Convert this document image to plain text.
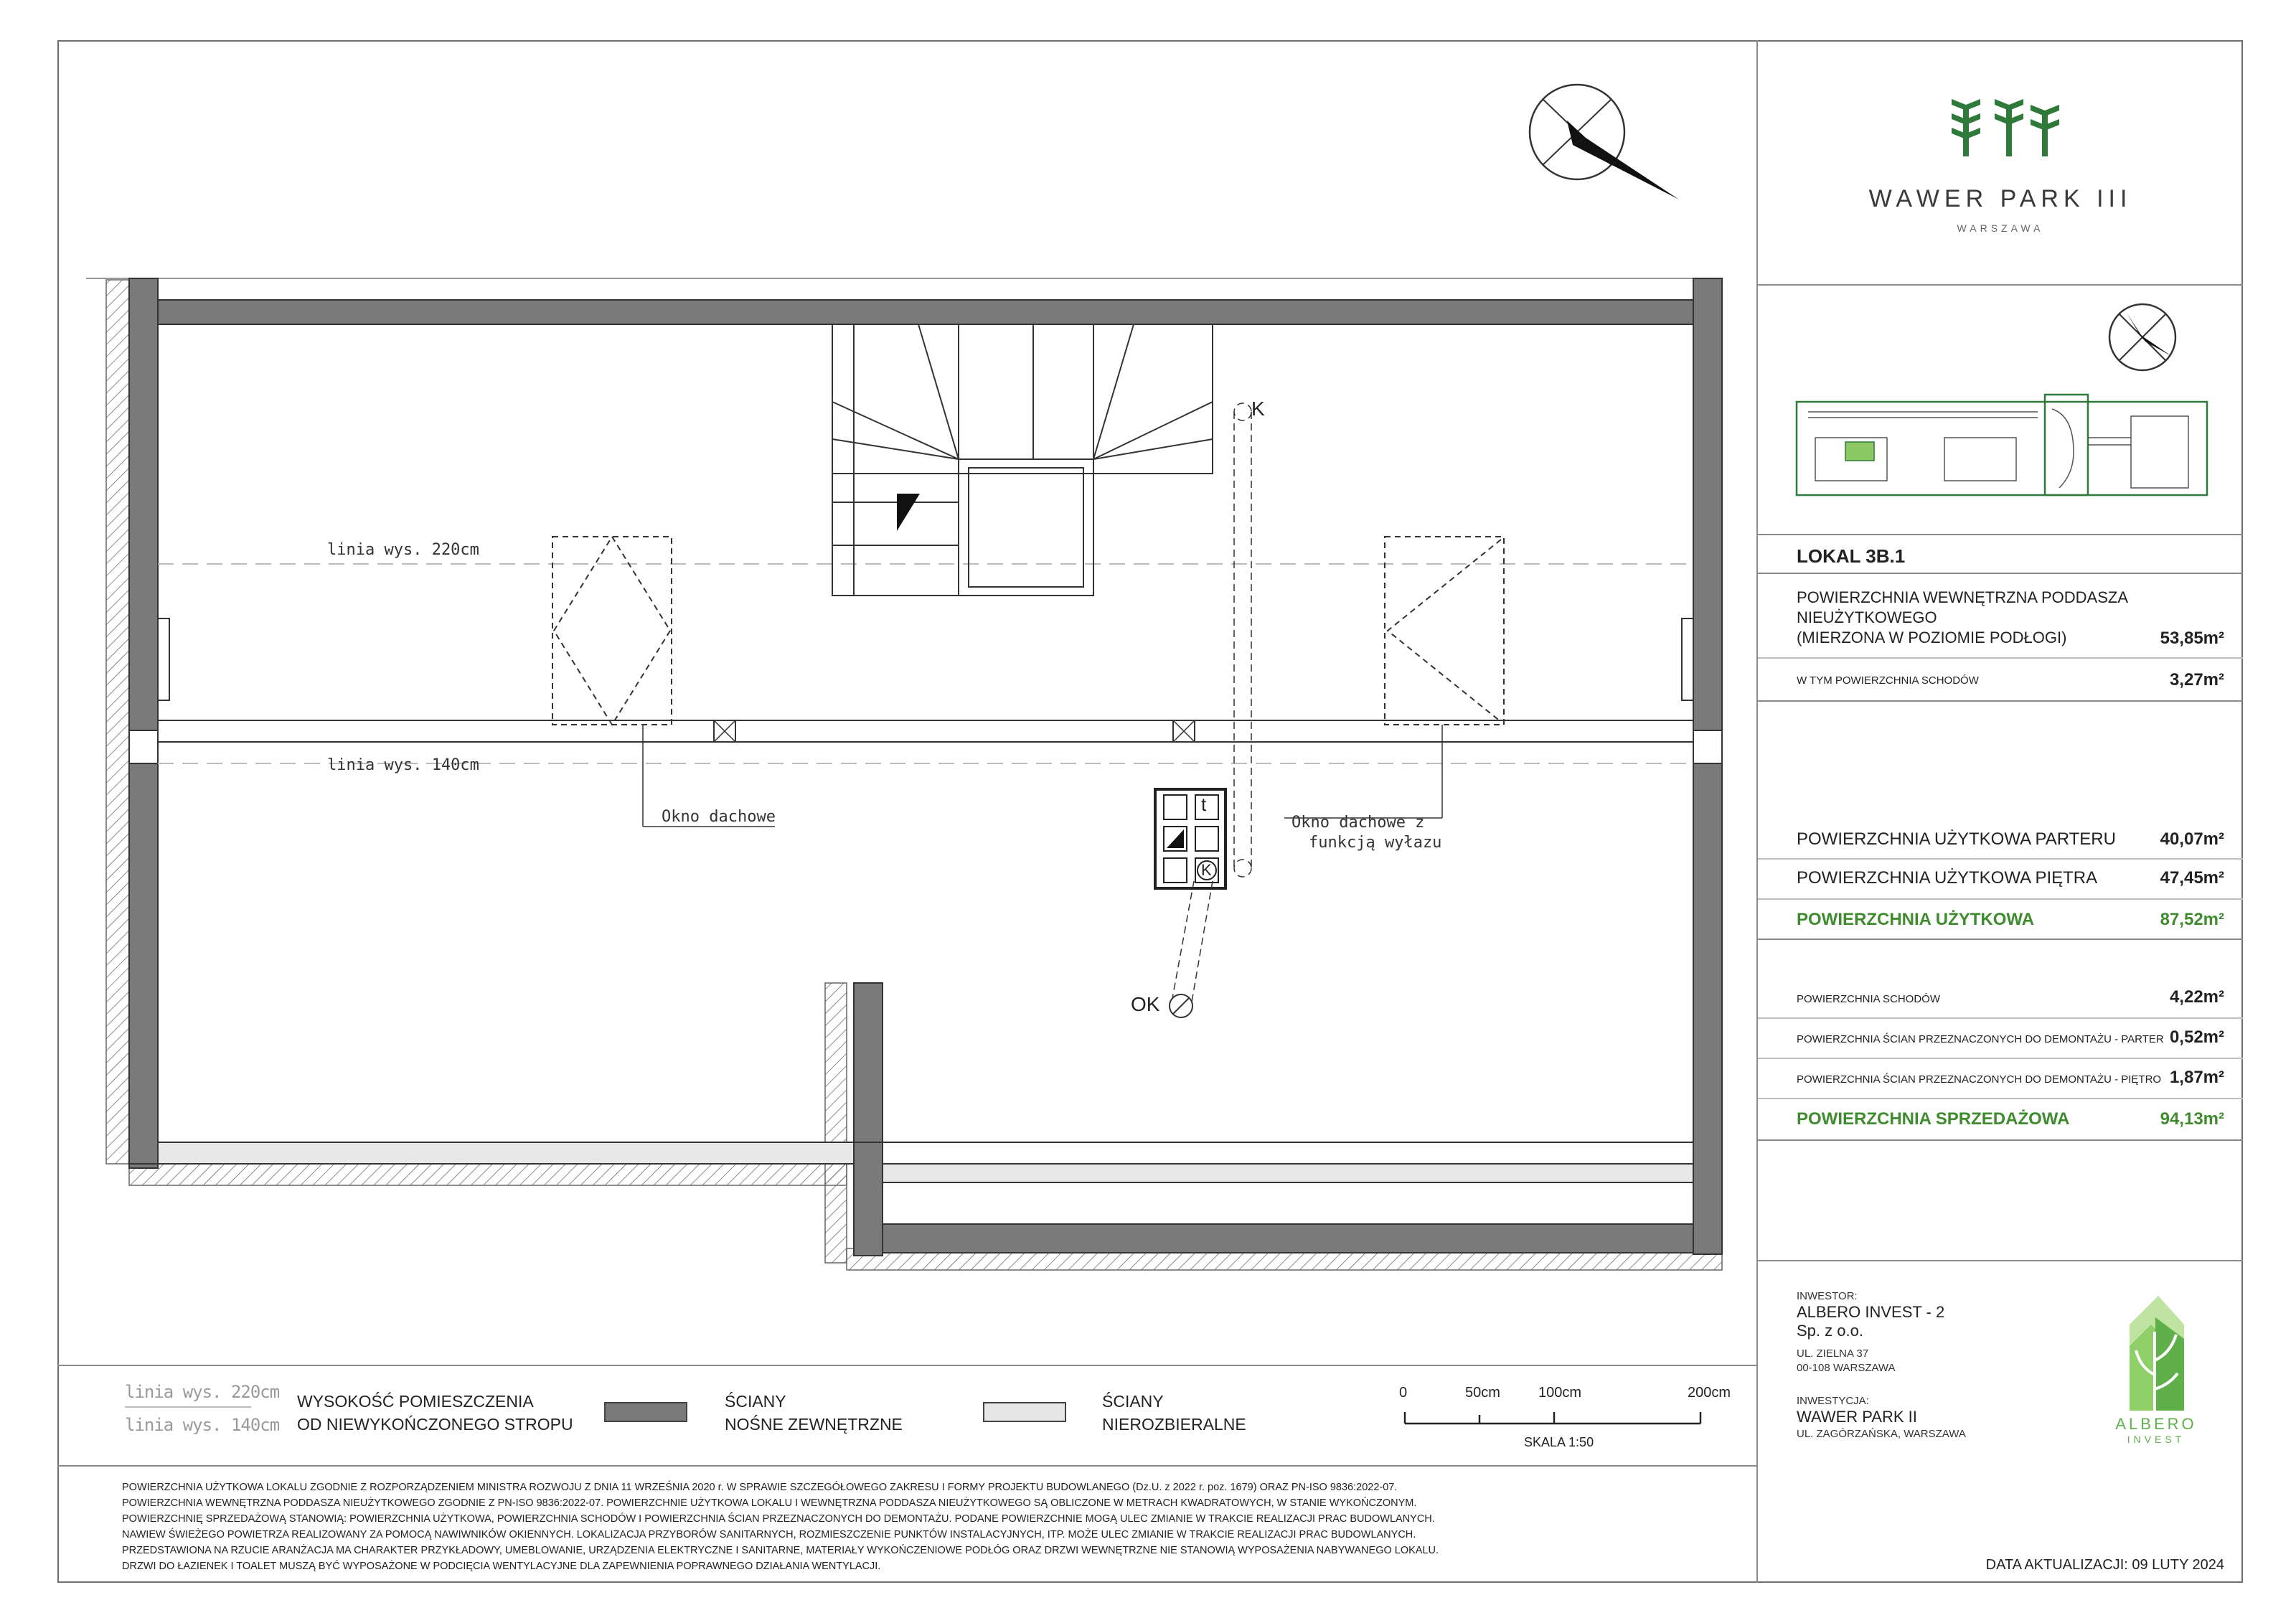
linia wys. 220cm
linia wys. 140cm
Okno dachowe	Okno dachowe z
funkcją wyłazu
K
OK
t
K
WAWER PARK III
WARSZAWA
LOKAL 3B.1
POWIERZCHNIA WEWNĘTRZNA PODDASZA
NIEUŻYTKOWEGO
(MIERZONA W POZIOMIE PODŁOGI)	53,85m²
W TYM POWIERZCHNIA SCHODÓW	3,27m²
POWIERZCHNIA UŻYTKOWA PARTERU	40,07m²
POWIERZCHNIA UŻYTKOWA PIĘTRA	47,45m²
POWIERZCHNIA UŻYTKOWA	87,52m²
POWIERZCHNIA SCHODÓW	4,22m²
POWIERZCHNIA ŚCIAN PRZEZNACZONYCH DO DEMONTAŻU - PARTER 0,52m²
POWIERZCHNIA ŚCIAN PRZEZNACZONYCH DO DEMONTAŻU - PIĘTRO 1,87m²
POWIERZCHNIA SPRZEDAŻOWA	94,13m²
INWESTOR:
ALBERO INVEST - 2
Sp. z o.o.
UL. ZIELNA 37
00-108 WARSZAWA
INWESTYCJA:
WAWER PARK II
UL. ZAGÓRZAŃSKA, WARSZAWA
ALBERO
INVEST
linia wys. 220cm
linia wys. 140cm
WYSOKOŚĆ POMIESZCZENIA
OD NIEWYKOŃCZONEGO STROPU
ŚCIANY
NOŚNE ZEWNĘTRZNE
ŚCIANY
NIEROZBIERALNE
0	50cm	100cm	200cm
SKALA 1:50

POWIERZCHNIA UŻYTKOWA LOKALU ZGODNIE Z ROZPORZĄDZENIEM MINISTRA ROZWOJU Z DNIA 11 WRZEŚNIA 2020 r. W SPRAWIE SZCZEGÓŁOWEGO ZAKRESU I FORMY PROJEKTU BUDOWLANEGO (Dz.U. z 2022 r. poz. 1679) ORAZ PN-ISO 9836:2022-07.

POWIERZCHNIA WEWNĘTRZNA PODDASZA NIEUŻYTKOWEGO ZGODNIE Z PN-ISO 9836:2022-07. POWIERZCHNIE UŻYTKOWA LOKALU I WEWNĘTRZNA PODDASZA NIEUŻYTKOWEGO SĄ OBLICZONE W METRACH KWADRATOWYCH, W STANIE WYKOŃCZONYM.

POWIERZCHNIĘ SPRZEDAŻOWĄ STANOWIĄ: POWIERZCHNIA UŻYTKOWA, POWIERZCHNIA SCHODÓW I POWIERZCHNIA ŚCIAN PRZEZNACZONYCH DO DEMONTAŻU. PODANE POWIERZCHNIE MOGĄ ULEC ZMIANIE W TRAKCIE REALIZACJI PRAC BUDOWLANYCH.

NAWIEW ŚWIEŻEGO POWIETRZA REALIZOWANY ZA POMOCĄ NAWIWNIKÓW OKIENNYCH. LOKALIZACJA PRZYBORÓW SANITARNYCH, ROZMIESZCZENIE PUNKTÓW INSTALACYJNYCH, ITP. MOŻE ULEC ZMIANIE W TRAKCIE REALIZACJI PRAC BUDOWLANYCH.

PRZEDSTAWIONA NA RZUCIE ARANŻACJA MA CHARAKTER PRZYKŁADOWY, UMEBLOWANIE, URZĄDZENIA ELEKTRYCZNE I SANITARNE, MATERIAŁY WYKOŃCZENIOWE PODŁÓG ORAZ DRZWI WEWNĘTRZNE NIE STANOWIĄ WYPOSAŻENIA NABYWANEGO LOKALU.

DRZWI DO ŁAZIENEK I TOALET MUSZĄ BYĆ WYPOSAŻONE W PODCIĘCIA WENTYLACYJNE DLA ZAPEWNIENIA POPRAWNEGO DZIAŁANIA WENTYLACJI.	DATA AKTUALIZACJI: 09 LUTY 2024
